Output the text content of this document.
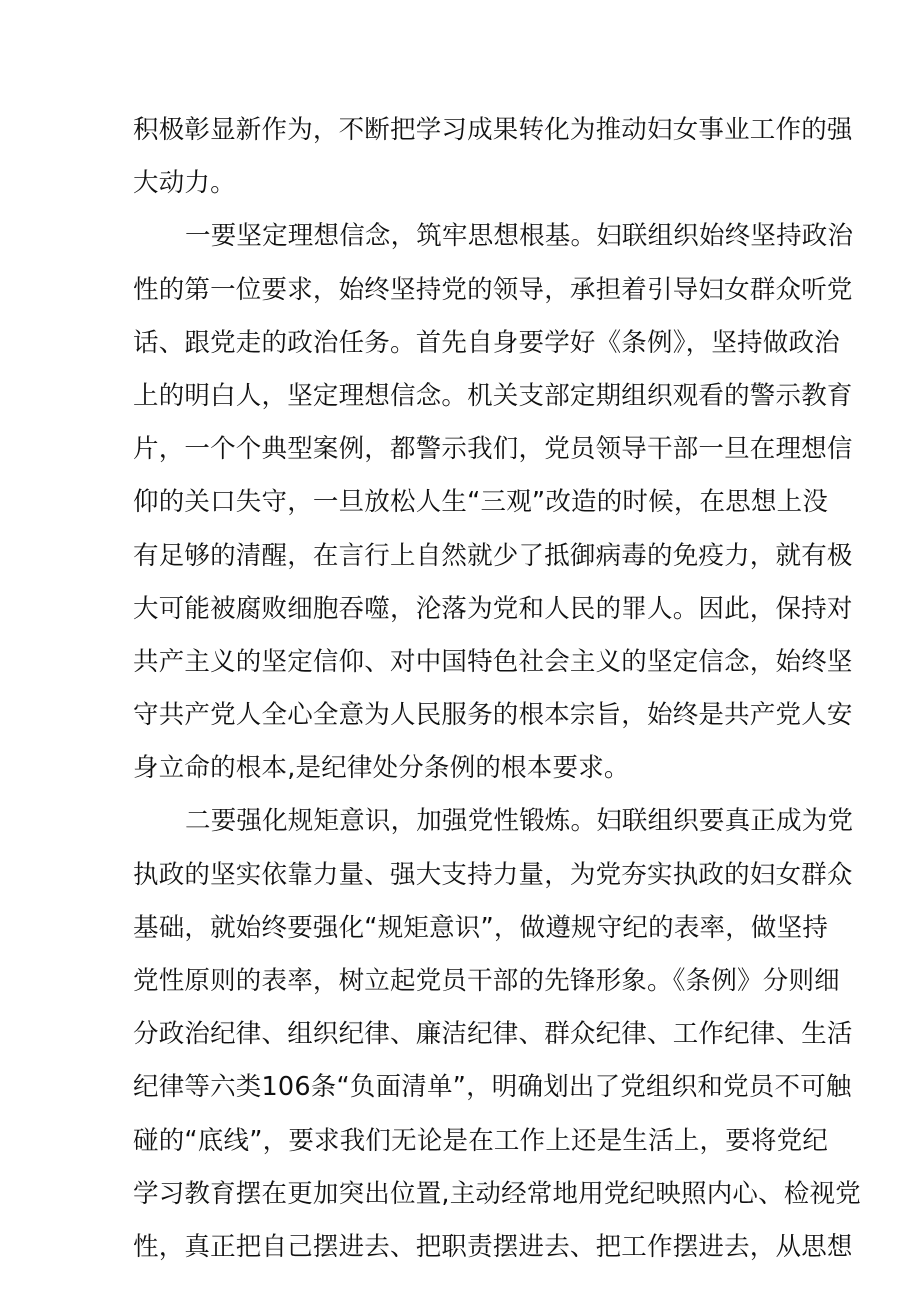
积极彰显新作为，不断把学习成果转化为推动妇女事业工作的强
大动力。
一要坚定理想信念，筑牢思想根基。妇联组织始终坚持政治
性的第一位要求，始终坚持党的领导，承担着引导妇女群众听党
话、跟党走的政治任务。首先自身要学好《条例》，坚持做政治
上的明白人，坚定理想信念。机关支部定期组织观看的警示教育
片，一个个典型案例，都警示我们，党员领导干部一旦在理想信
仰的关口失守，一旦放松人生“三观”改造的时候，在思想上没
有足够的清醒，在言行上自然就少了抵御病毒的免疫力，就有极
大可能被腐败细胞吞噬，沦落为党和人民的罪人。因此，保持对
共产主义的坚定信仰、对中国特色社会主义的坚定信念，始终坚
守共产党人全心全意为人民服务的根本宗旨，始终是共产党人安
身立命的根本,是纪律处分条例的根本要求。
二要强化规矩意识，加强党性锻炼。妇联组织要真正成为党
执政的坚实依靠力量、强大支持力量，为党夯实执政的妇女群众
基础，就始终要强化“规矩意识”，做遵规守纪的表率，做坚持
党性原则的表率，树立起党员干部的先锋形象。《条例》分则细
分政治纪律、组织纪律、廉洁纪律、群众纪律、工作纪律、生活
纪律等六类106条“负面清单”，明确划出了党组织和党员不可触
碰的“底线”，要求我们无论是在工作上还是生活上，要将党纪
学习教育摆在更加突出位置,主动经常地用党纪映照内心、检视党
性，真正把自己摆进去、把职责摆进去、把工作摆进去，从思想
